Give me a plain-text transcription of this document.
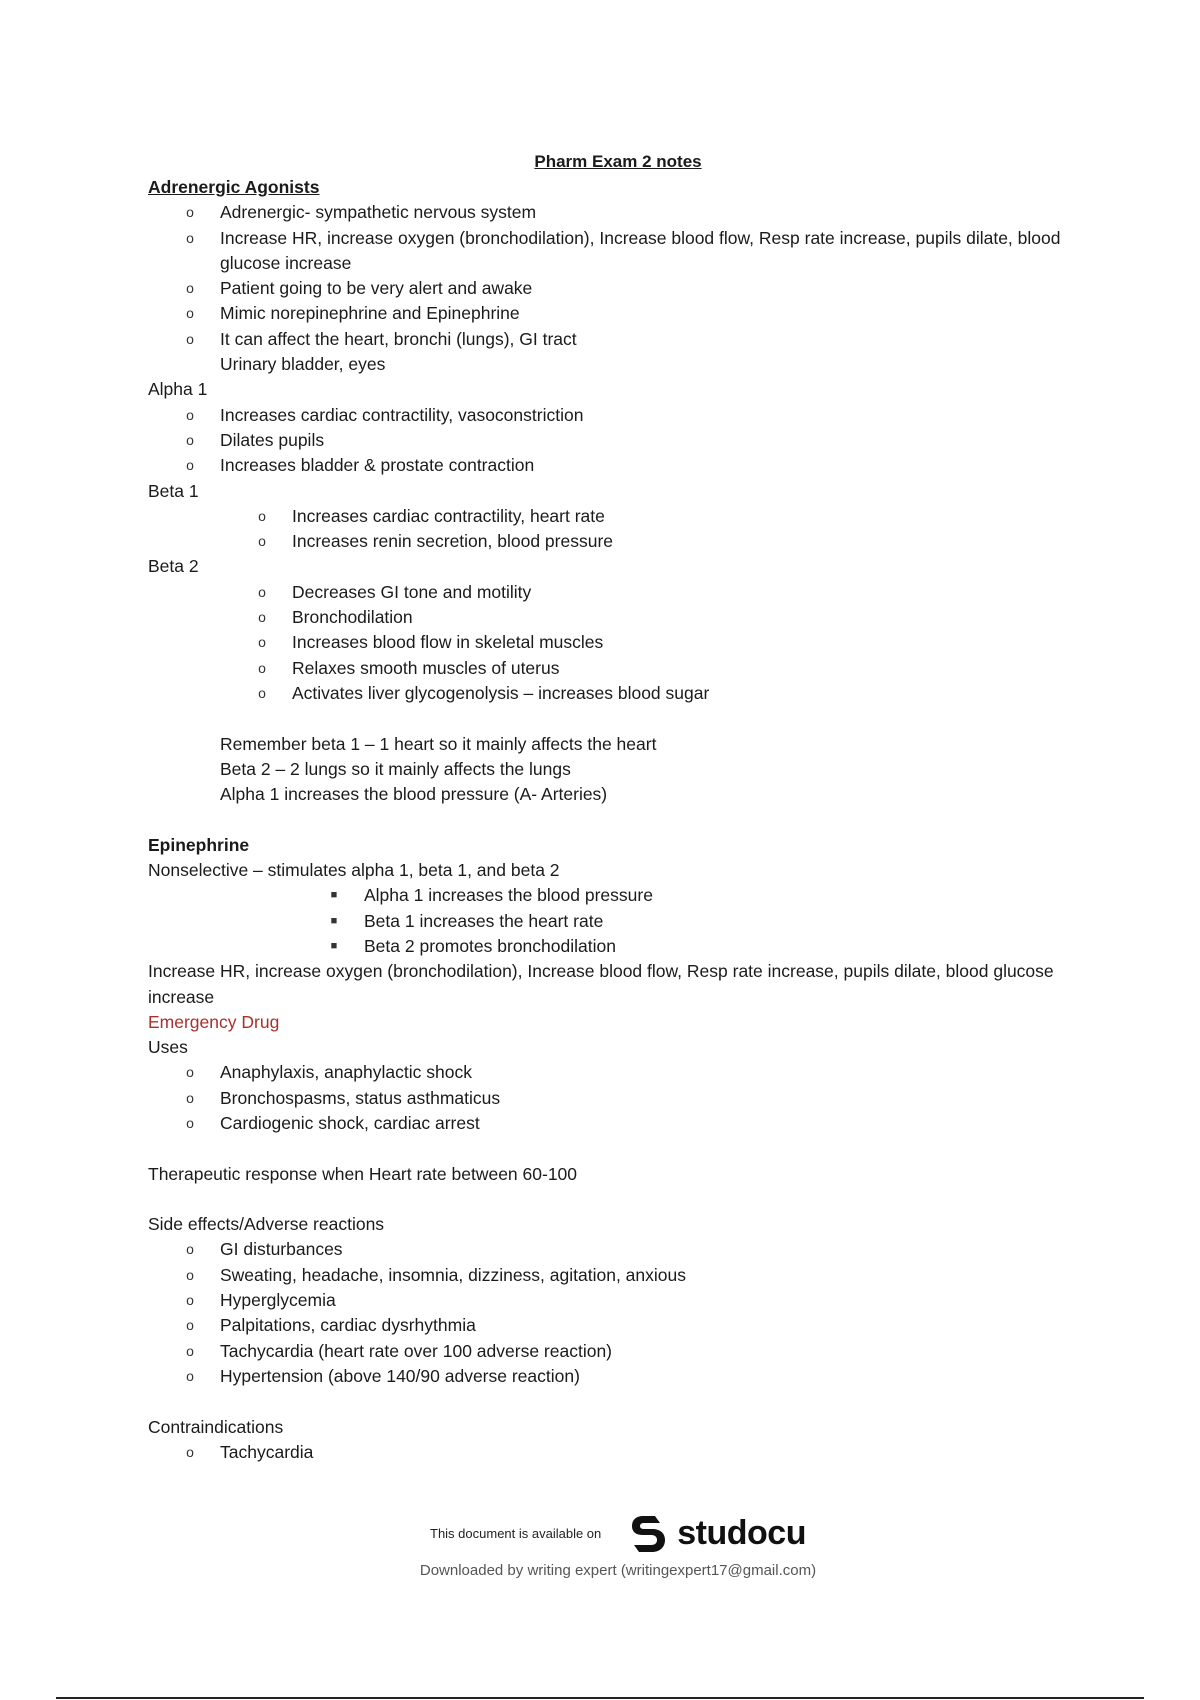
Pharm Exam 2 notes

Adrenergic Agonists

o	Adrenergic- sympathetic nervous system
o	Increase HR, increase oxygen (bronchodilation), Increase blood flow, Resp rate increase, pupils dilate, blood glucose increase
o	Patient going to be very alert and awake
o	Mimic norepinephrine and Epinephrine
o	It can affect the heart, bronchi (lungs), GI tract

Urinary bladder, eyes

Alpha 1

o	Increases cardiac contractility, vasoconstriction
o	Dilates pupils
o	Increases bladder & prostate contraction

Beta 1

o	Increases cardiac contractility, heart rate
o	Increases renin secretion, blood pressure

Beta 2

o	Decreases GI tone and motility
o	Bronchodilation
o	Increases blood flow in skeletal muscles
o	Relaxes smooth muscles of uterus
o	Activates liver glycogenolysis – increases blood sugar

Remember beta 1 – 1 heart so it mainly affects the heart

Beta 2 – 2 lungs so it mainly affects the lungs

Alpha 1 increases the blood pressure (A- Arteries)

Epinephrine

Nonselective – stimulates alpha 1, beta 1, and beta 2

■	Alpha 1 increases the blood pressure
■	Beta 1 increases the heart rate
■	Beta 2 promotes bronchodilation

Increase HR, increase oxygen (bronchodilation), Increase blood flow, Resp rate increase, pupils dilate, blood glucose increase

Emergency Drug

Uses

o	Anaphylaxis, anaphylactic shock
o	Bronchospasms, status asthmaticus
o	Cardiogenic shock, cardiac arrest

Therapeutic response when Heart rate between 60-100

Side effects/Adverse reactions

o	GI disturbances
o	Sweating, headache, insomnia, dizziness, agitation, anxious
o	Hyperglycemia
o	Palpitations, cardiac dysrhythmia
o	Tachycardia (heart rate over 100 adverse reaction)
o	Hypertension (above 140/90 adverse reaction)

Contraindications

o	Tachycardia
This document is available on studocu
Downloaded by writing expert (writingexpert17@gmail.com)
